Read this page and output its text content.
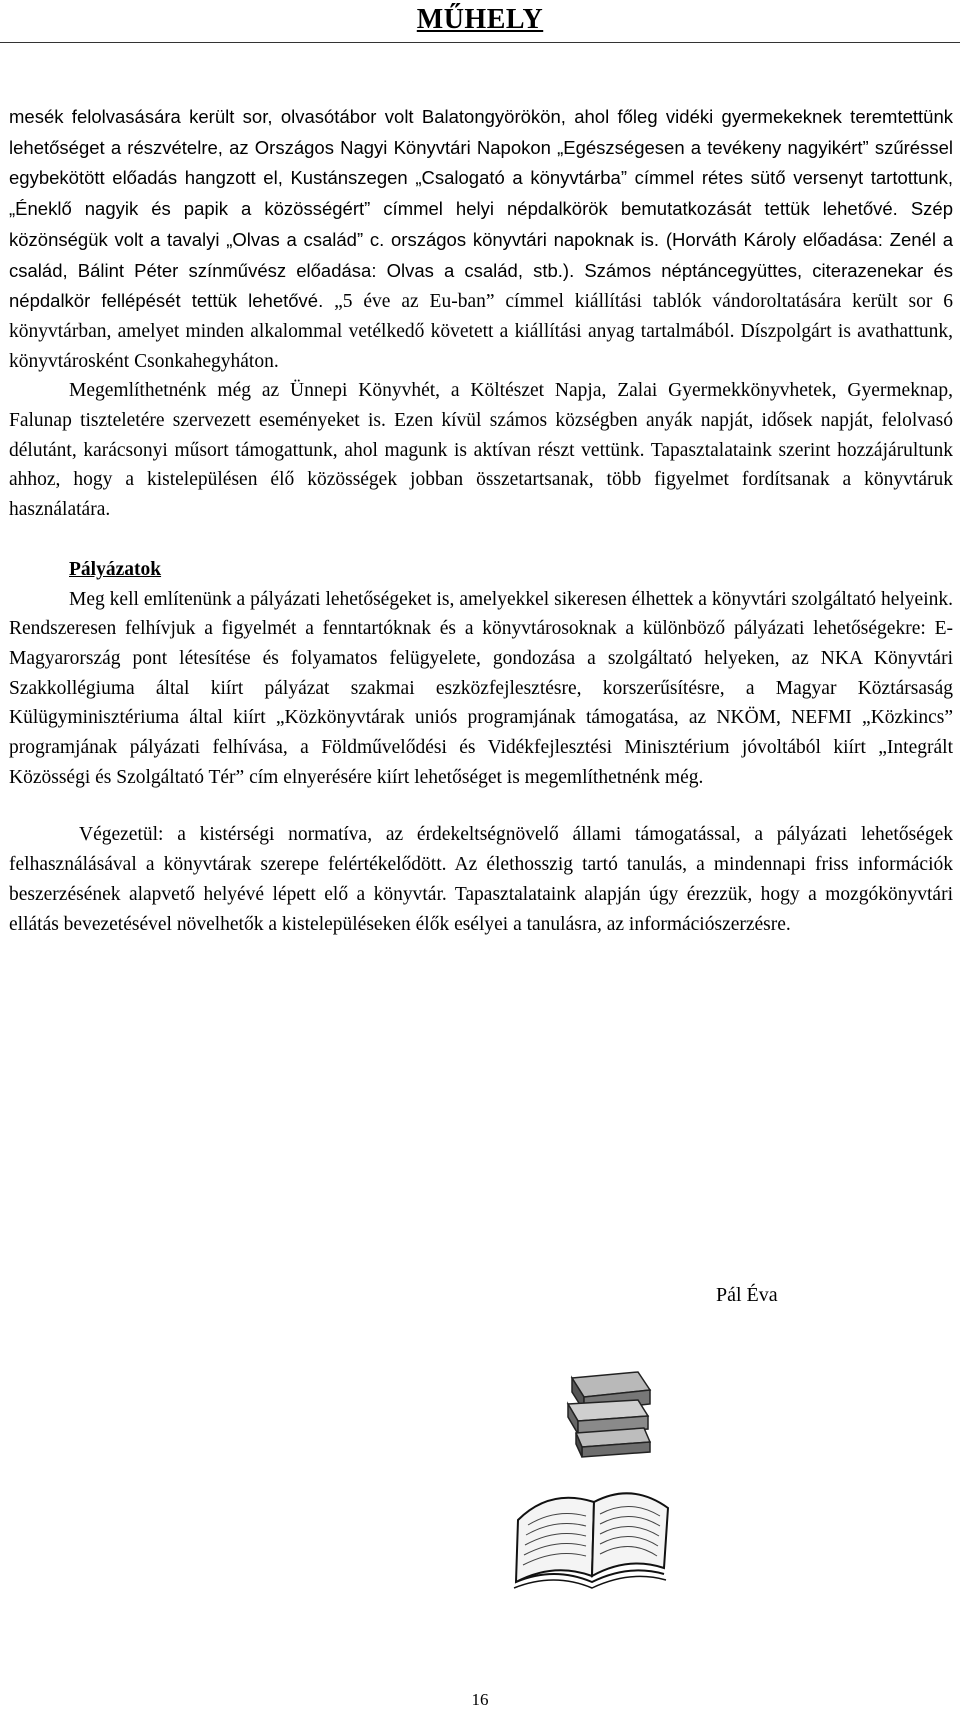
MŰHELY

mesék felolvasására került sor, olvasótábor volt Balatongyörökön, ahol főleg vidéki gyermekeknek teremtettünk lehetőséget a részvételre, az Országos Nagyi Könyvtári Napokon „Egészségesen a tevékeny nagyikért” szűréssel egybekötött előadás hangzott el, Kustánszegen „Csalogató a könyvtárba” címmel rétes sütő versenyt tartottunk, „Éneklő nagyik és papik a közösségért” címmel helyi népdalkörök bemutatkozását tettük lehetővé. Szép közönségük volt a tavalyi „Olvas a család” c. országos könyvtári napoknak is. (Horváth Károly előadása: Zenél a család, Bálint Péter színművész előadása: Olvas a család, stb.). Számos néptáncegyüttes, citerazenekar és népdalkör fellépését tettük lehetővé. „5 éve az Eu-ban” címmel kiállítási tablók vándoroltatására került sor 6 könyvtárban, amelyet minden alkalommal vetélkedő követett a kiállítási anyag tartalmából. Díszpolgárt is avathattunk, könyvtárosként Csonkahegyháton.

Megemlíthetnénk még az Ünnepi Könyvhét, a Költészet Napja, Zalai Gyermekkönyvhetek, Gyermeknap, Falunap tiszteletére szervezett eseményeket is. Ezen kívül számos községben anyák napját, idősek napját, felolvasó délutánt, karácsonyi műsort támogattunk, ahol magunk is aktívan részt vettünk. Tapasztalataink szerint hozzájárultunk ahhoz, hogy a kistelepülésen élő közösségek jobban összetartsanak, több figyelmet fordítsanak a könyvtáruk használatára.

Pályázatok

Meg kell említenünk a pályázati lehetőségeket is, amelyekkel sikeresen élhettek a könyvtári szolgáltató helyeink. Rendszeresen felhívjuk a figyelmét a fenntartóknak és a könyvtárosoknak a különböző pályázati lehetőségekre: E-Magyarország pont létesítése és folyamatos felügyelete, gondozása a szolgáltató helyeken, az NKA Könyvtári Szakkollégiuma által kiírt pályázat szakmai eszközfejlesztésre, korszerűsítésre, a Magyar Köztársaság Külügyminisztériuma által kiírt „Közkönyvtárak uniós programjának támogatása, az NKÖM, NEFMI „Közkincs” programjának pályázati felhívása, a Földművelődési és Vidékfejlesztési Minisztérium jóvoltából kiírt „Integrált Közösségi és Szolgáltató Tér” cím elnyerésére kiírt lehetőséget is megemlíthetnénk még.

Végezetül: a kistérségi normatíva, az érdekeltségnövelő állami támogatással, a pályázati lehetőségek felhasználásával a könyvtárak szerepe felértékelődött. Az élethosszig tartó tanulás, a mindennapi friss információk beszerzésének alapvető helyévé lépett elő a könyvtár. Tapasztalataink alapján úgy érezzük, hogy a mozgókönyvtári ellátás bevezetésével növelhetők a kistelepüléseken élők esélyei a tanulásra, az információszerzésre.

Pál Éva
16
